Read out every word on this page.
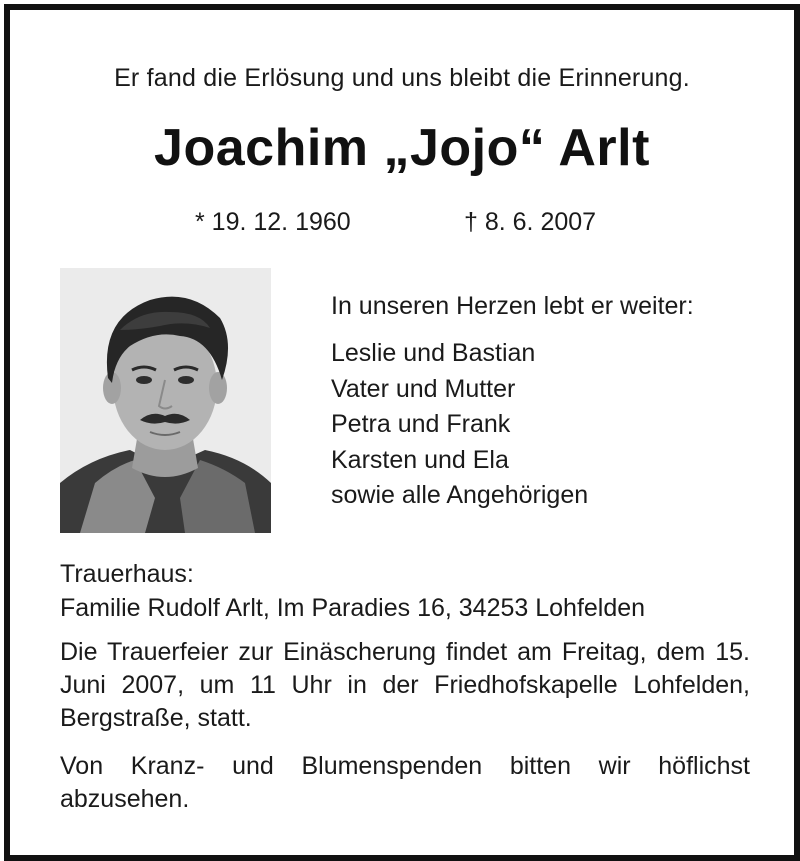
Er fand die Erlösung und uns bleibt die Erinnerung.
Joachim „Jojo“ Arlt
* 19. 12. 1960	† 8. 6. 2007
In unseren Herzen lebt er weiter:
Leslie und Bastian
Vater und Mutter
Petra und Frank
Karsten und Ela
sowie alle Angehörigen
Trauerhaus:
Familie Rudolf Arlt, Im Paradies 16, 34253 Lohfelden
Die Trauerfeier zur Einäscherung findet am Freitag, dem 15. Juni 2007, um 11 Uhr in der Friedhofskapelle Lohfelden, Bergstraße, statt.
Von Kranz- und Blumenspenden bitten wir höflichst abzusehen.
